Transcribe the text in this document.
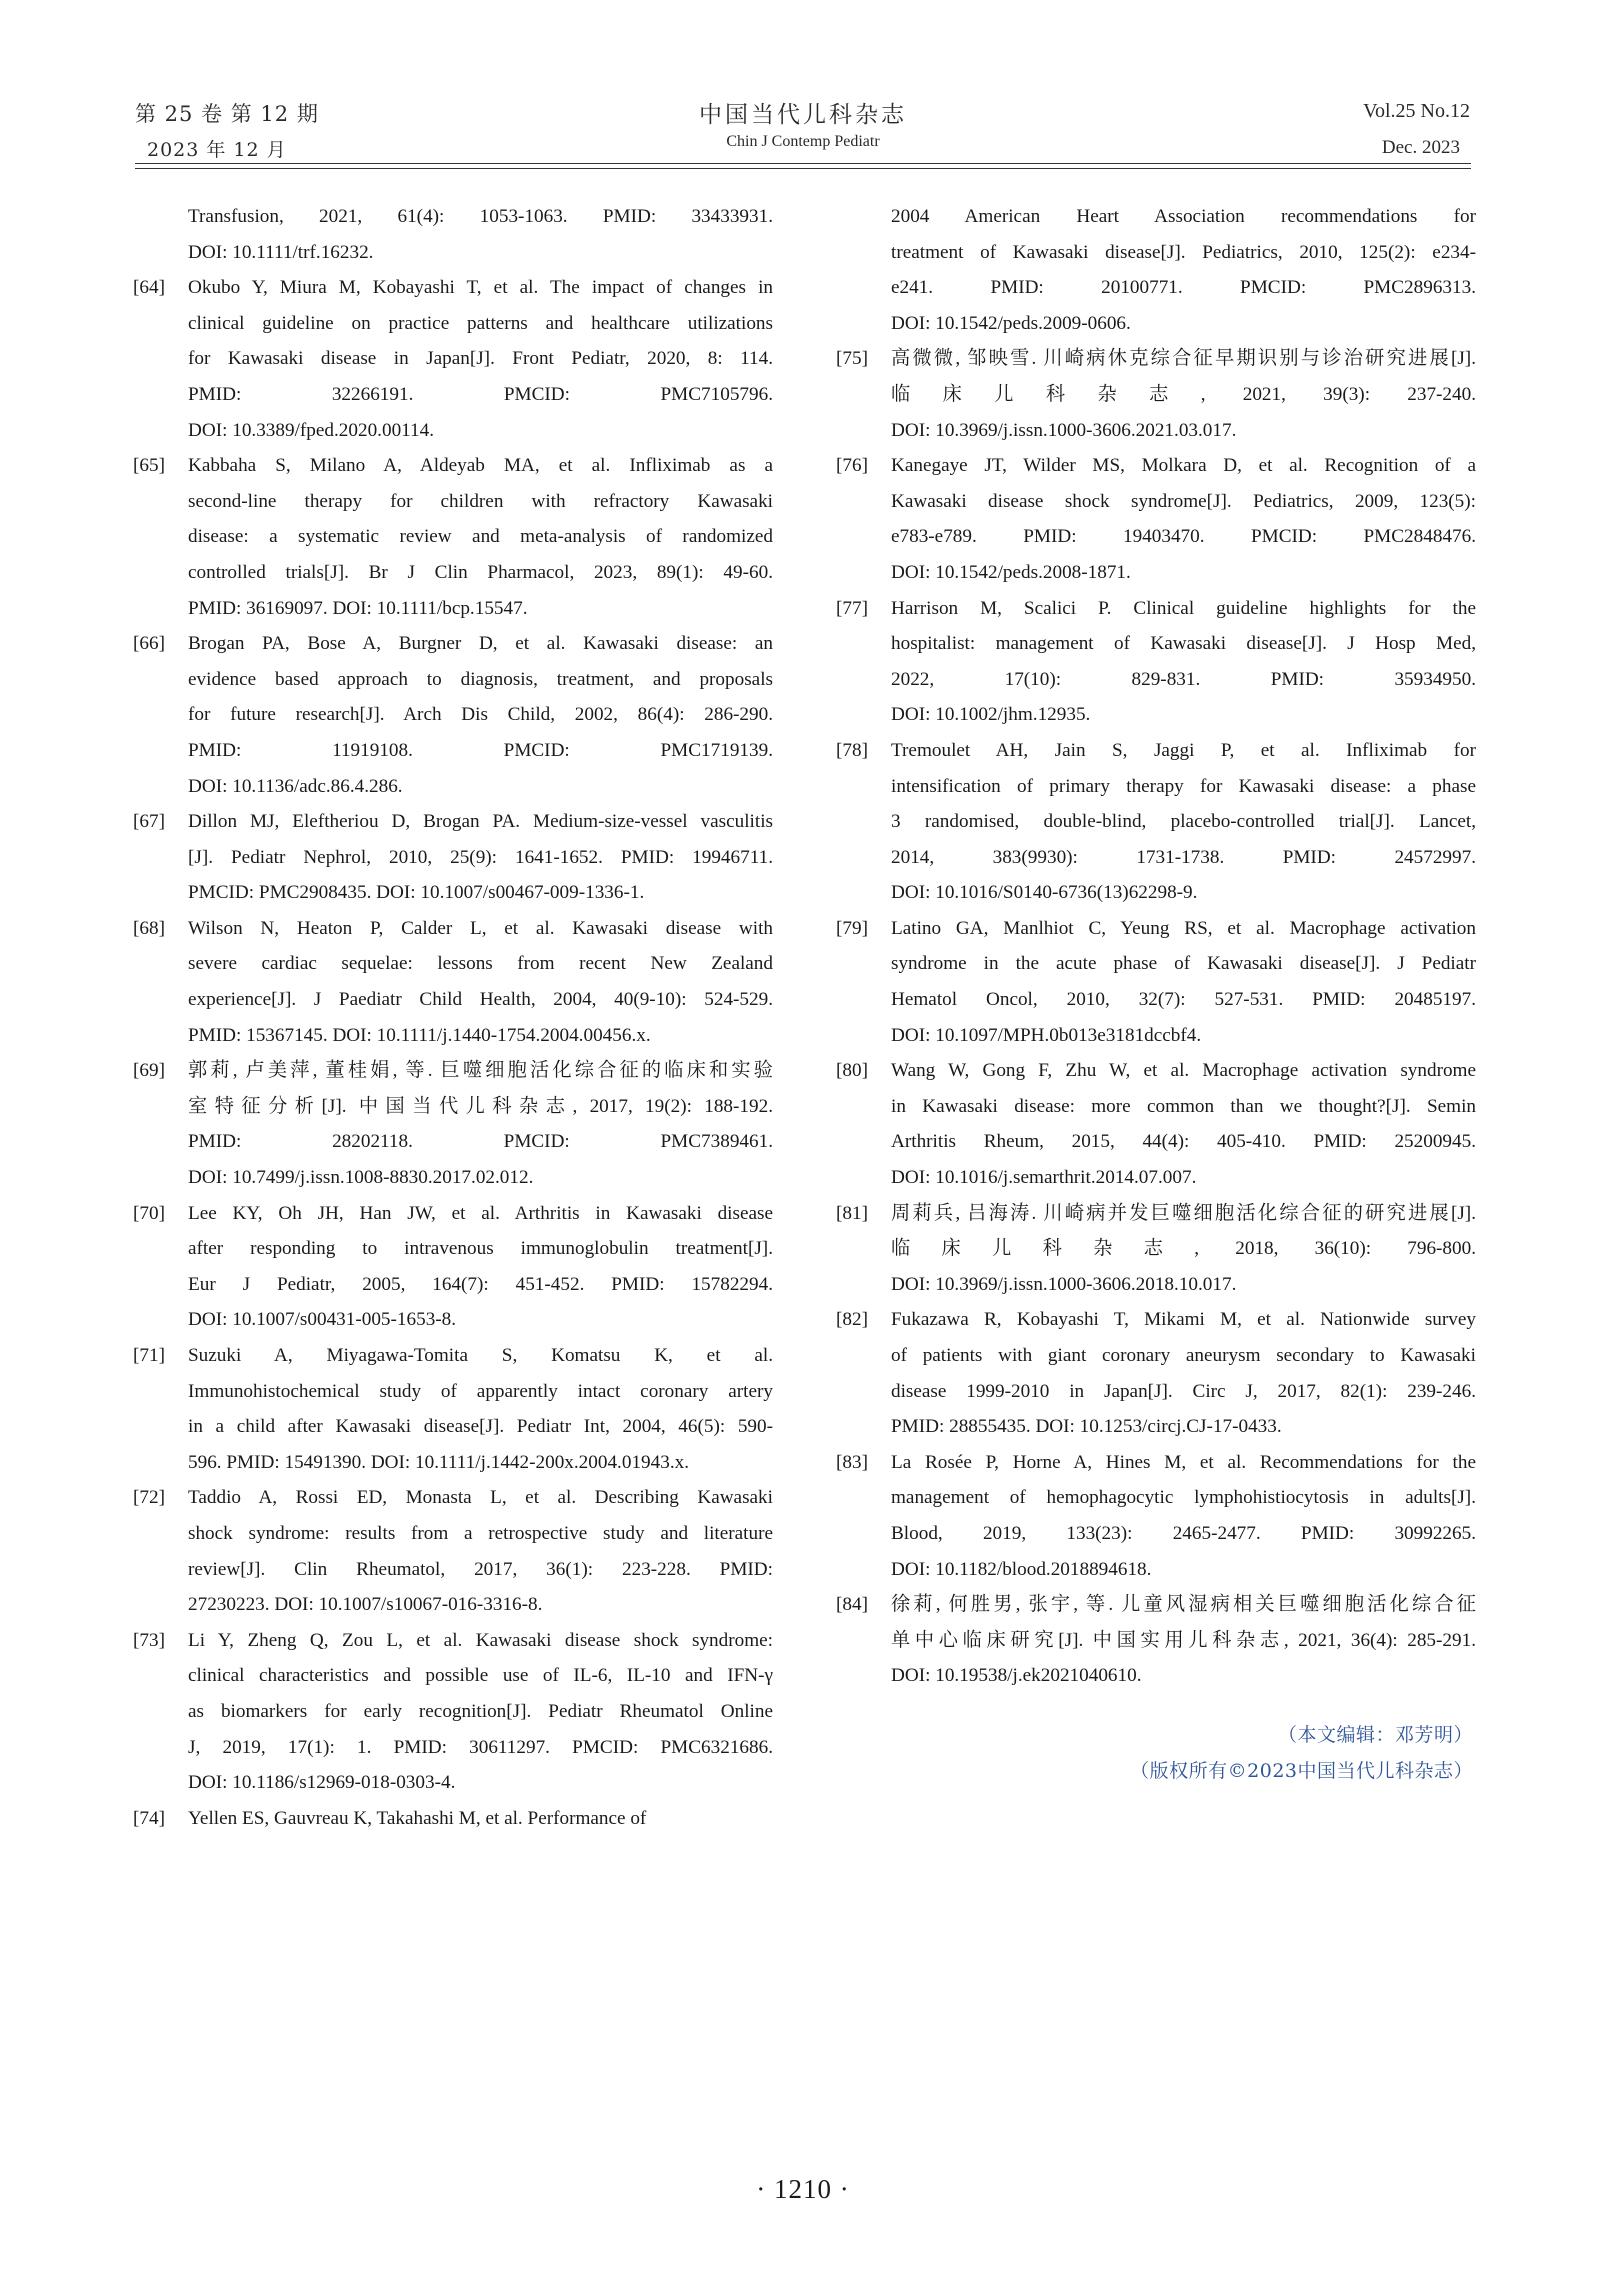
第 25 卷 第 12 期
2023 年 12 月
中国当代儿科杂志
Chin J Contemp Pediatr
Vol.25 No.12
Dec. 2023
Transfusion, 2021, 61(4): 1053-1063. PMID: 33433931.
DOI: 10.1111/trf.16232.
[64] Okubo Y, Miura M, Kobayashi T, et al. The impact of changes in
clinical guideline on practice patterns and healthcare utilizations
for Kawasaki disease in Japan[J]. Front Pediatr, 2020, 8: 114.
PMID: 32266191. PMCID: PMC7105796.
DOI: 10.3389/fped.2020.00114.
[65] Kabbaha S, Milano A, Aldeyab MA, et al. Infliximab as a
second-line therapy for children with refractory Kawasaki
disease: a systematic review and meta-analysis of randomized
controlled trials[J]. Br J Clin Pharmacol, 2023, 89(1): 49-60.
PMID: 36169097. DOI: 10.1111/bcp.15547.
[66] Brogan PA, Bose A, Burgner D, et al. Kawasaki disease: an
evidence based approach to diagnosis, treatment, and proposals
for future research[J]. Arch Dis Child, 2002, 86(4): 286-290.
PMID: 11919108. PMCID: PMC1719139.
DOI: 10.1136/adc.86.4.286.
[67] Dillon MJ, Eleftheriou D, Brogan PA. Medium-size-vessel vasculitis
[J]. Pediatr Nephrol, 2010, 25(9): 1641-1652. PMID: 19946711.
PMCID: PMC2908435. DOI: 10.1007/s00467-009-1336-1.
[68] Wilson N, Heaton P, Calder L, et al. Kawasaki disease with
severe cardiac sequelae: lessons from recent New Zealand
experience[J]. J Paediatr Child Health, 2004, 40(9-10): 524-529.
PMID: 15367145. DOI: 10.1111/j.1440-1754.2004.00456.x.
[69] 郭莉, 卢美萍, 董桂娟, 等. 巨噬细胞活化综合征的临床和实验
室特征分析[J]. 中国当代儿科杂志, 2017, 19(2): 188-192.
PMID: 28202118. PMCID: PMC7389461.
DOI: 10.7499/j.issn.1008-8830.2017.02.012.
[70] Lee KY, Oh JH, Han JW, et al. Arthritis in Kawasaki disease
after responding to intravenous immunoglobulin treatment[J].
Eur J Pediatr, 2005, 164(7): 451-452. PMID: 15782294.
DOI: 10.1007/s00431-005-1653-8.
[71] Suzuki A, Miyagawa-Tomita S, Komatsu K, et al.
Immunohistochemical study of apparently intact coronary artery
in a child after Kawasaki disease[J]. Pediatr Int, 2004, 46(5): 590-
596. PMID: 15491390. DOI: 10.1111/j.1442-200x.2004.01943.x.
[72] Taddio A, Rossi ED, Monasta L, et al. Describing Kawasaki
shock syndrome: results from a retrospective study and literature
review[J]. Clin Rheumatol, 2017, 36(1): 223-228. PMID:
27230223. DOI: 10.1007/s10067-016-3316-8.
[73] Li Y, Zheng Q, Zou L, et al. Kawasaki disease shock syndrome:
clinical characteristics and possible use of IL-6, IL-10 and IFN-γ
as biomarkers for early recognition[J]. Pediatr Rheumatol Online
J, 2019, 17(1): 1. PMID: 30611297. PMCID: PMC6321686.
DOI: 10.1186/s12969-018-0303-4.
[74] Yellen ES, Gauvreau K, Takahashi M, et al. Performance of
2004 American Heart Association recommendations for
treatment of Kawasaki disease[J]. Pediatrics, 2010, 125(2): e234-
e241. PMID: 20100771. PMCID: PMC2896313.
DOI: 10.1542/peds.2009-0606.
[75] 高微微, 邹映雪. 川崎病休克综合征早期识别与诊治研究进展[J].
临床儿科杂志, 2021, 39(3): 237-240.
DOI: 10.3969/j.issn.1000-3606.2021.03.017.
[76] Kanegaye JT, Wilder MS, Molkara D, et al. Recognition of a
Kawasaki disease shock syndrome[J]. Pediatrics, 2009, 123(5):
e783-e789. PMID: 19403470. PMCID: PMC2848476.
DOI: 10.1542/peds.2008-1871.
[77] Harrison M, Scalici P. Clinical guideline highlights for the
hospitalist: management of Kawasaki disease[J]. J Hosp Med,
2022, 17(10): 829-831. PMID: 35934950.
DOI: 10.1002/jhm.12935.
[78] Tremoulet AH, Jain S, Jaggi P, et al. Infliximab for
intensification of primary therapy for Kawasaki disease: a phase
3 randomised, double-blind, placebo-controlled trial[J]. Lancet,
2014, 383(9930): 1731-1738. PMID: 24572997.
DOI: 10.1016/S0140-6736(13)62298-9.
[79] Latino GA, Manlhiot C, Yeung RS, et al. Macrophage activation
syndrome in the acute phase of Kawasaki disease[J]. J Pediatr
Hematol Oncol, 2010, 32(7): 527-531. PMID: 20485197.
DOI: 10.1097/MPH.0b013e3181dccbf4.
[80] Wang W, Gong F, Zhu W, et al. Macrophage activation syndrome
in Kawasaki disease: more common than we thought?[J]. Semin
Arthritis Rheum, 2015, 44(4): 405-410. PMID: 25200945.
DOI: 10.1016/j.semarthrit.2014.07.007.
[81] 周莉兵, 吕海涛. 川崎病并发巨噬细胞活化综合征的研究进展[J].
临床儿科杂志, 2018, 36(10): 796-800.
DOI: 10.3969/j.issn.1000-3606.2018.10.017.
[82] Fukazawa R, Kobayashi T, Mikami M, et al. Nationwide survey
of patients with giant coronary aneurysm secondary to Kawasaki
disease 1999-2010 in Japan[J]. Circ J, 2017, 82(1): 239-246.
PMID: 28855435. DOI: 10.1253/circj.CJ-17-0433.
[83] La Rosée P, Horne A, Hines M, et al. Recommendations for the
management of hemophagocytic lymphohistiocytosis in adults[J].
Blood, 2019, 133(23): 2465-2477. PMID: 30992265.
DOI: 10.1182/blood.2018894618.
[84] 徐莉, 何胜男, 张宇, 等. 儿童风湿病相关巨噬细胞活化综合征
单中心临床研究[J]. 中国实用儿科杂志, 2021, 36(4): 285-291.
DOI: 10.19538/j.ek2021040610.
（本文编辑：邓芳明）
（版权所有©2023中国当代儿科杂志）
· 1210 ·
